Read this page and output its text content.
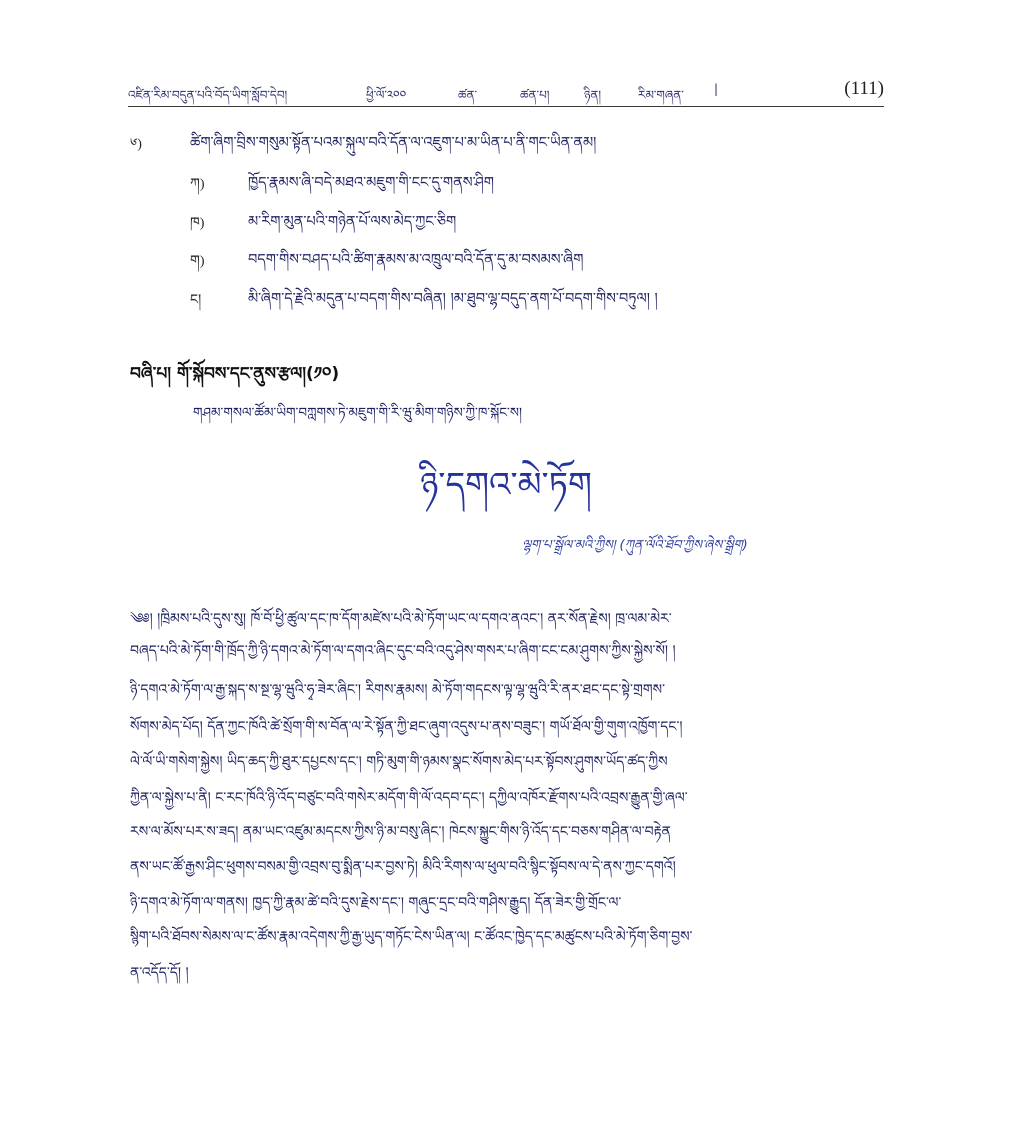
འཛིན་རིམ་བདུན་པའི་བོད་ཡིག་སློབ་དེབ།	ཕྱི་ལོ་༢༠༠	ཚན་	ཚན་པ།	ཉིན།	རིམ་གཞན་	|	(111)
༦)	ཚིག་ཞིག་བྲིས་གསུམ་སྟོན་པའམ་སྐུལ་བའི་དོན་ལ་འཇུག་པ་མ་ཡིན་པ་ནི་གང་ཡིན་ནམ།
ཀ)	ཁྱོད་རྣམས་ཞི་བདེ་མཐའ་མཇུག་གི་ངང་དུ་གནས་ཤིག
ཁ)	མ་རིག་མུན་པའི་གཉེན་པོ་ལས་མེད་ཀྱང་ཅིག
ག)	བདག་གིས་བཤད་པའི་ཚིག་རྣམས་མ་འཁྲུལ་བའི་དོན་དུ་མ་བསམས་ཞིག
ང།	མི་ཞིག་དེ་རྗེའི་མདུན་པ་བདག་གིས་བཞིན། །མ་ཐུབ་ལྷ་བདུད་ནག་པོ་བདག་གིས་བཏུལ། །
བཞི་པ། གོ་སྐོབས་དང་ནུས་རྩལ།(༡༠)
གཤམ་གསལ་ཚོམ་ཡིག་བཀླགས་ཏེ་མཇུག་གི་རི་ཝུ་མིག་གཉིས་ཀྱི་ཁ་སྐོང་ས།
ཉི་དགའ་མེ་ཏོག
ལྷག་པ་སྒྲོལ་མའི་ཀྱིས། (ཀུན་ལོའི་ཐོབ་ཀྱིས་ཞེས་སྒྲིག)
༄༅། །ཁྲིམས་པའི་དུས་སུ། ཁོ་བོ་ཕྱི་ཚུལ་དང་ཁ་དོག་མཛེས་པའི་མེ་ཏོག་ཡང་ལ་དགའ་ནའང་། ནར་སོན་རྗེས། ཁྲ་ལམ་མེར་
བཞད་པའི་མེ་ཏོག་གི་ཁྲོད་ཀྱི་ཉི་དགའ་མེ་ཏོག་ལ་དགའ་ཞིང་དུང་བའི་འདུ་ཤེས་གསར་པ་ཞིག་ངང་ངམ་ཤུགས་ཀྱིས་སྐྱེས་སོ། །
ཉི་དགའ་མེ་ཏོག་ལ་རྒྱ་སྐད་ས་སྔ་ལྷ་ཝུའི་ཧྭ་ཟེར་ཞིང་། རིགས་རྣམས། མེ་ཏོག་གདངས་ལྟ་ལྷ་ཝུའི་རི་ནར་ཐང་དང་སྟེ་གྲགས་
སོགས་མེད་པོད། དོན་ཀྱང་ཁོའི་ཚེ་སྲོག་གི་ས་བོན་ལ་རེ་སྟོན་ཀྱི་ཐང་ཞུག་འདུས་པ་ནས་བཟུང་། གཡོ་ཐོལ་གྱི་གུག་འཁྱོག་དང་།
ལེ་ལོ་ཡི་གསེག་སྐྱེས། ཡིད་ཆད་ཀྱི་ཐུར་དཔྱངས་དང་། གཏི་མུག་གི་ཉམས་སྣང་སོགས་མེད་པར་སྟོབས་ཤུགས་ཡོད་ཚད་ཀྱིས
ཀྱིན་ལ་སྐྱེས་པ་ནི། ང་རང་ཁོའི་ཉི་འོད་བཙུང་བའི་གསེར་མདོག་གི་ལོ་འདབ་དང་། དཀྱིལ་འཁོར་རྫོགས་པའི་འབྲས་རྒྱུན་གྱི་ཞལ་
རས་ལ་མོས་པར་ས་ཟད། ནམ་ཡང་འཛུམ་མདངས་ཀྱིས་ཉི་མ་བསུ་ཞིང་། ཁེངས་སྐྱུང་གིས་ཉི་འོད་དང་བཅས་གཤིན་ལ་བརྟེན
ནས་ཡང་ཚོ་རྒྱས་ཤིང་ཕུགས་བསམ་གྱི་འབྲས་བུ་སྨིན་པར་བྱས་ཏེ། མིའི་རིགས་ལ་ཕུལ་བའི་སྙིང་སྟོབས་ལ་དེ་ནས་ཀྱང་དགའོ།
ཉི་དགའ་མེ་ཏོག་ལ་གནས། ཁྱད་ཀྱི་རྣམ་ཚེ་བའི་དུས་རྗེས་དང་། གཞུང་དྲང་བའི་གཤིས་རྒྱུད། དོན་ཟེར་གྱི་གྲོང་ལ་
སྙིག་པའི་ཐོབས་སེམས་ལ་ང་ཚོས་རྣམ་འདེགས་ཀྱི་རྒྱ་ཡུད་གཏོང་ངེས་ཡིན་ལ། ང་ཚོའང་ཁྱེད་དང་མཚུངས་པའི་མེ་ཏོག་ཅིག་བྱས་
ན་འདོད་དོ། །
